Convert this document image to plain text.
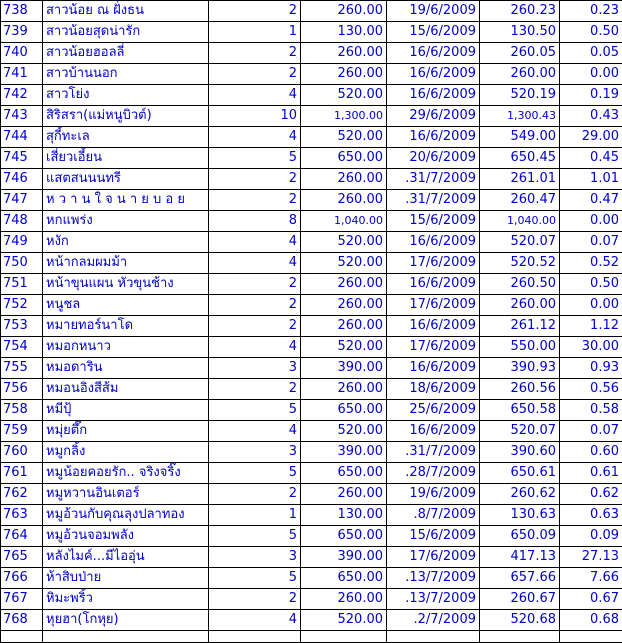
738	สาวน้อย ณ ฝั่งธน	2	260.00	19/6/2009	260.23	0.23
739	สาวน้อยสุดน่ารัก	1	130.00	15/6/2009	130.50	0.50
740	สาวน้อยฮอลลี่	2	260.00	16/6/2009	260.05	0.05
741	สาวบ้านนอก	2	260.00	16/6/2009	260.00	0.00
742	สาวโย่ง	4	520.00	16/6/2009	520.19	0.19
743	สิริสรา(แม่หนูบิวต์)	10	1,300.00	29/6/2009	1,300.43	0.43
744	สุกี้ทะเล	4	520.00	16/6/2009	549.00	29.00
745	เสี่ยวเอี้ยน	5	650.00	20/6/2009	650.45	0.45
746	แสตสนนนทรี	2	260.00	.31/7/2009	261.01	1.01
747	ห ว า น ใ จ น า ย บ อ ย	2	260.00	.31/7/2009	260.47	0.47
748	หกแพร่ง	8	1,040.00	15/6/2009	1,040.00	0.00
749	หงัก	4	520.00	16/6/2009	520.07	0.07
750	หน้ากลมผมม้า	4	520.00	17/6/2009	520.52	0.52
751	หน้าขุนแผน หัวขุนช้าง	2	260.00	16/6/2009	260.50	0.50
752	หนูชล	2	260.00	17/6/2009	260.00	0.00
753	หมายทอร์นาโด	2	260.00	16/6/2009	261.12	1.12
754	หมอกหนาว	4	520.00	17/6/2009	550.00	30.00
755	หมอดาริน	3	390.00	16/6/2009	390.93	0.93
756	หมอนอิงสีส้ม	2	260.00	18/6/2009	260.56	0.56
758	หมีปุ้	5	650.00	25/6/2009	650.58	0.58
759	หมุ่ยตึ๊ก	4	520.00	16/6/2009	520.07	0.07
760	หมูกลิ้ง	3	390.00	.31/7/2009	390.60	0.60
761	หมูน้อยคอยรัก.. จริงจริ๊ง	5	650.00	.28/7/2009	650.61	0.61
762	หมูหวานอินเตอร์	2	260.00	19/6/2009	260.62	0.62
763	หมูอ้วนกับคุณลุงปลาทอง	1	130.00	.8/7/2009	130.63	0.63
764	หมูอ้วนจอมพลัง	5	650.00	15/6/2009	650.09	0.09
765	หลังไมค์...มีไออุ่น	3	390.00	17/6/2009	417.13	27.13
766	ห้าสิบป่าย	5	650.00	.13/7/2009	657.66	7.66
767	หิมะพริ้ว	2	260.00	.13/7/2009	260.67	0.67
768	หุยฮา(โกหุย)	4	520.00	.2/7/2009	520.68	0.68
